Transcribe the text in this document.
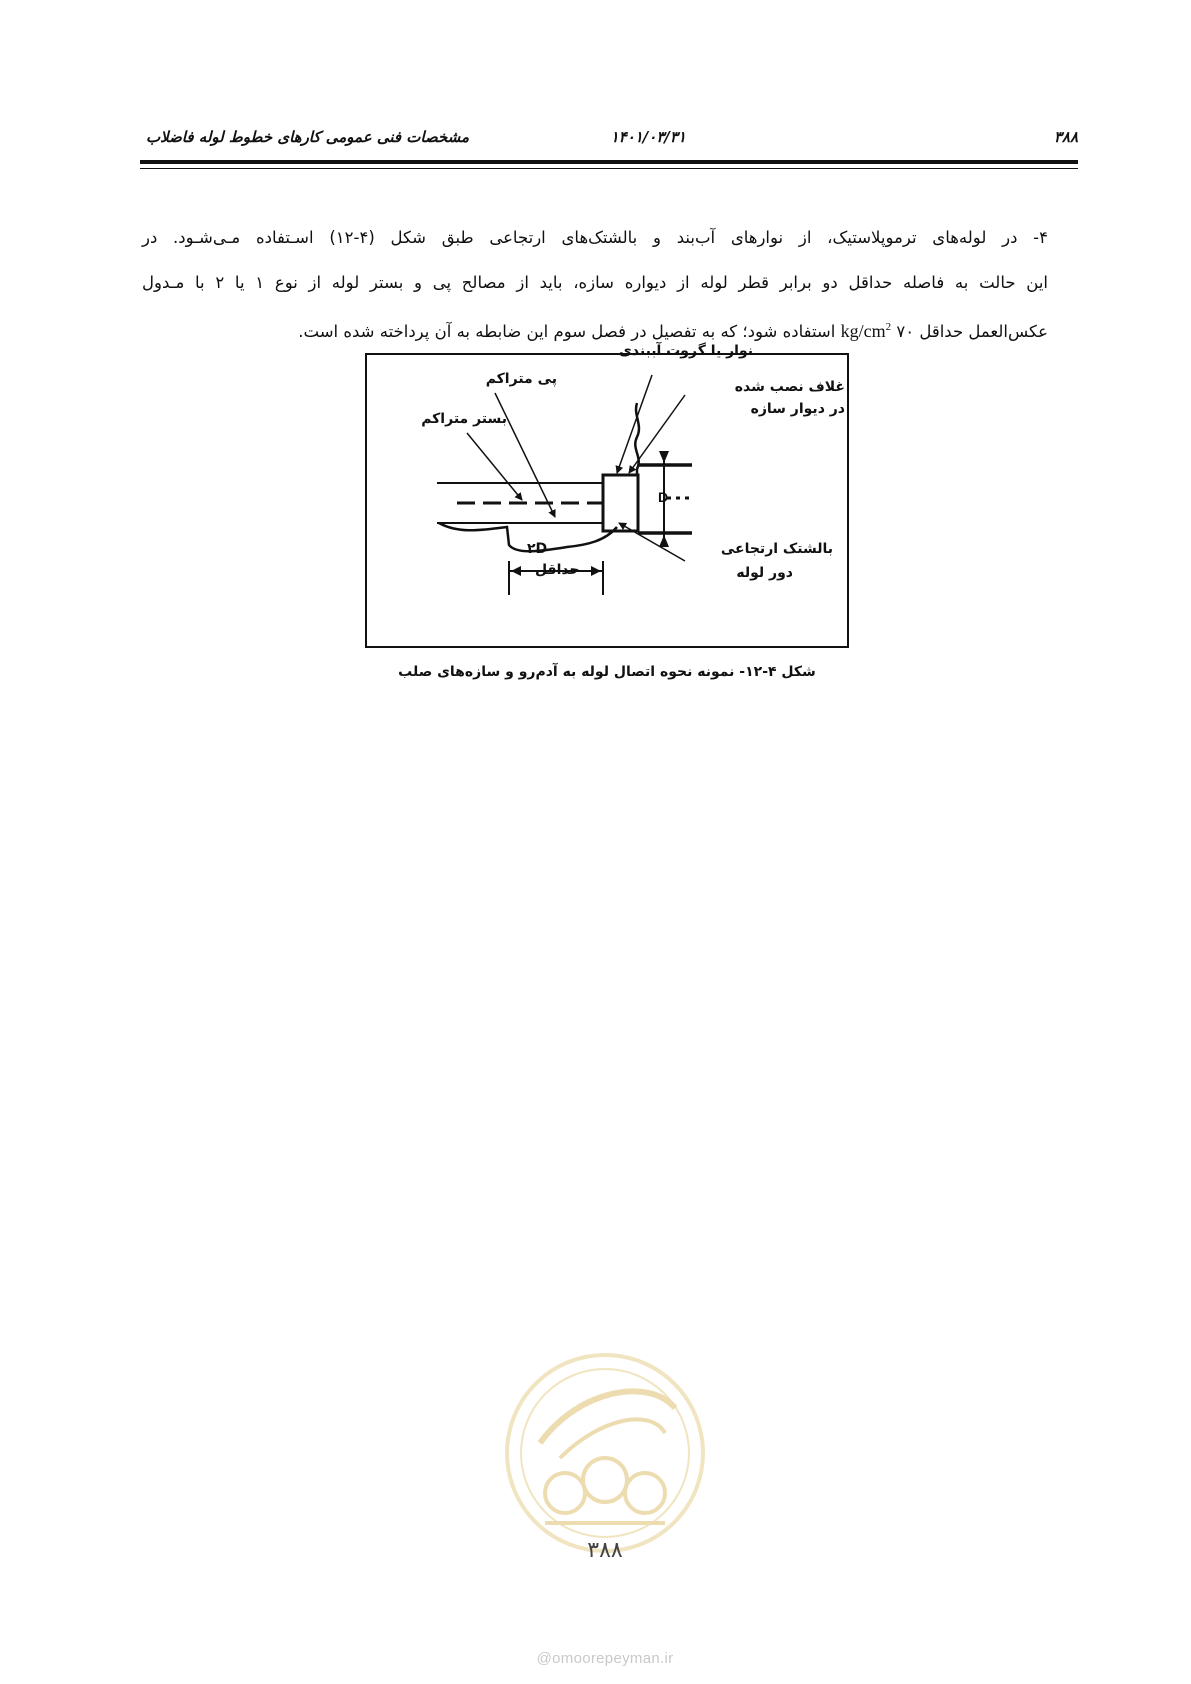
۳۸۸
۱۴۰۱/۰۳/۳۱
مشخصات فنی عمومی کارهای خطوط لوله فاضلاب

۴- در لوله‌های ترموپلاستیک، از نوارهای آب‌بند و بالشتک‌های ارتجاعی طبق شکل (۴-۱۲) اسـتفاده مـی‌شـود. در

این حالت به فاصله حداقل دو برابر قطر لوله از دیواره سازه، باید از مصالح پی و بستر لوله از نوع ۱ یا ۲ با مـدول

عکس‌العمل حداقل ۷۰ $kg/cm^2$ استفاده شود؛ که به تفصیل در فصل سوم این ضابطه به آن پرداخته شده است.

نوار یا گروت آببندی
غلاف نصب شده
در دیوار سازه
پی متراکم
بستر متراکم
بالشتک ارتجاعی
دور لوله
D
۲D
حداقل
شکل ۴-۱۲- نمونه نحوه اتصال لوله به آدم‌رو و سازه‌های صلب
۳۸۸
@omoorepeyman.ir
